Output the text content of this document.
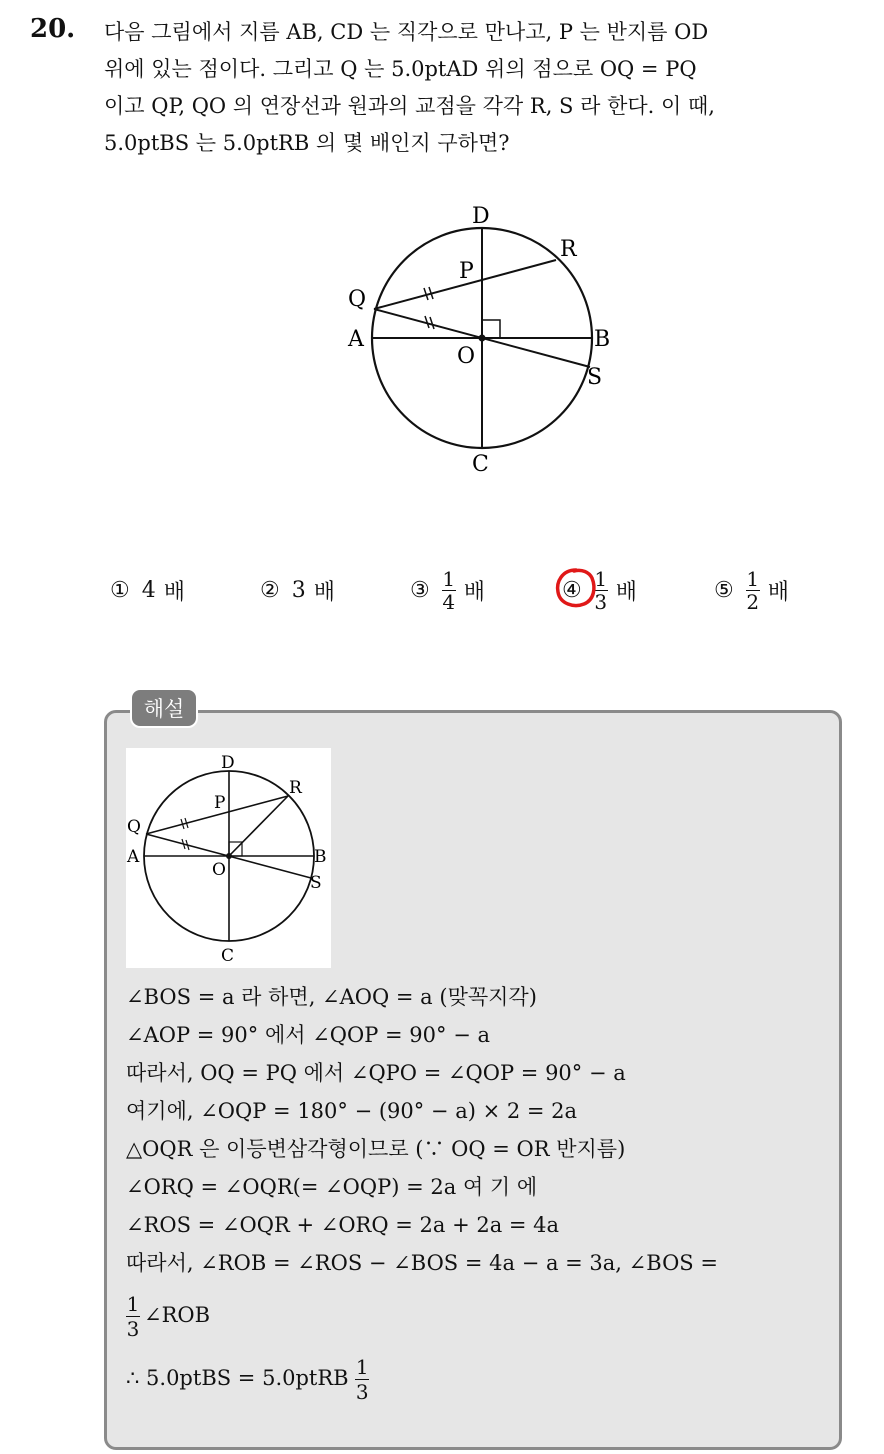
20. 다음 그림에서 지름 AB, CD 는 직각으로 만나고, P 는 반지름 OD
위에 있는 점이다. 그리고 Q 는 5.0ptAD 위의 점으로 OQ = PQ
이고 QP, QO 의 연장선과 원과의 교점을 각각 R, S 라 한다. 이 때,
5.0ptBS 는 5.0ptRB 의 몇 배인지 구하면?
D
C
A	B
O
P
Q
R
S
① 4 배	② 3 배	③ $\frac{1}{4}$ 배	④ $\frac{1}{3}$ 배	⑤ $\frac{1}{2}$ 배
해설
D
C
A	B
O
P
Q
R
S
∠BOS = a 라 하면, ∠AOQ = a (맞꼭지각)
∠AOP = 90° 에서 ∠QOP = 90° − a
따라서, OQ = PQ 에서 ∠QPO = ∠QOP = 90° − a
여기에, ∠OQP = 180° − (90° − a) × 2 = 2a
△OQR 은 이등변삼각형이므로 (∵ OQ = OR 반지름)
∠ORQ = ∠OQR(= ∠OQP) = 2a 여 기 에
∠ROS = ∠OQR + ∠ORQ = 2a + 2a = 4a
따라서, ∠ROB = ∠ROS − ∠BOS = 4a − a = 3a, ∠BOS =
$\frac{1}{3}$ ∠ROB
∴ 5.0ptBS = 5.0ptRB $\frac{1}{3}$
